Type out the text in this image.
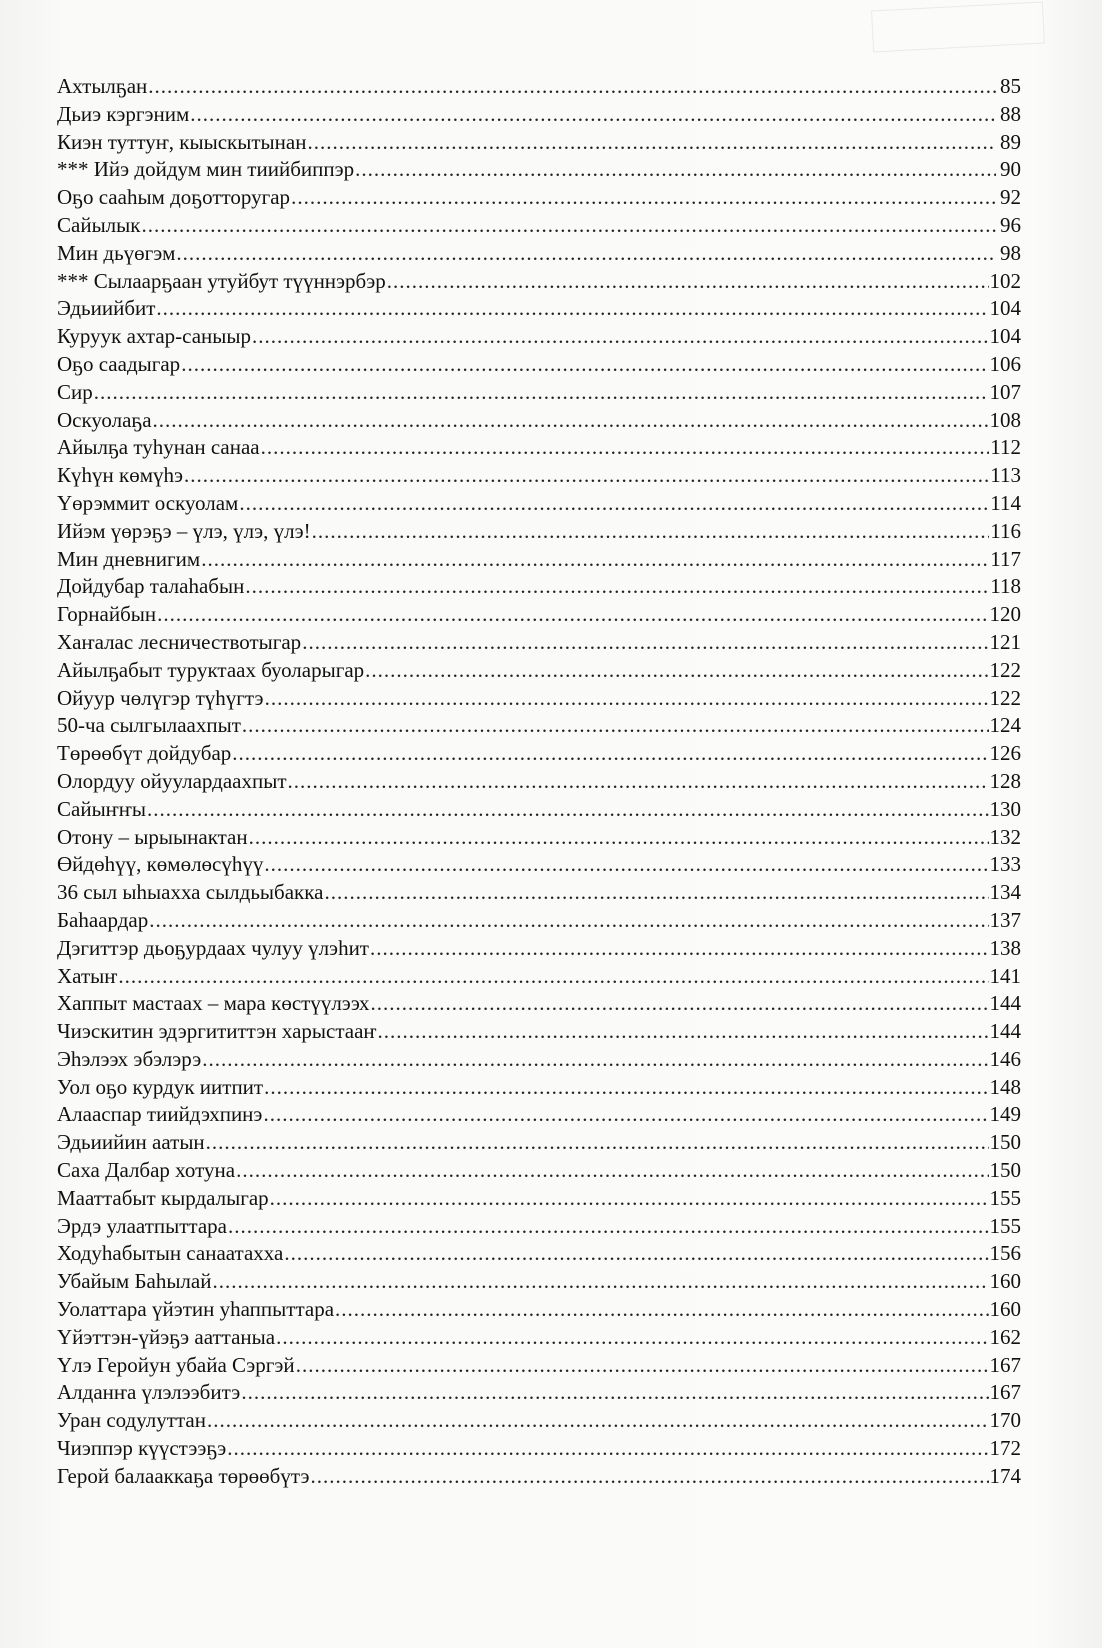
Ахтылҕан .....	85
Дьиэ кэргэним .....	88
Киэн туттуҥ, кыыскытынан .....	89
*** Ийэ дойдум мин тиийбиппэр .....	90
Оҕо сааһым доҕотторугар .....	92
Сайылык .....	96
Мин дьүөгэм .....	98
*** Сылаарҕаан утуйбут түүннэрбэр .....	102
Эдьиийбит .....	104
Куруук ахтар-саныыр .....	104
Оҕо саадыгар .....	106
Сир .....	107
Оскуолаҕа .....	108
Айылҕа туһунан санаа .....	112
Күһүн көмүһэ .....	113
Үөрэммит оскуолам .....	114
Ийэм үөрэҕэ – үлэ, үлэ, үлэ! .....	116
Мин дневнигим .....	117
Дойдубар талаһабын .....	118
Горнайбын .....	120
Хаҥалас лесничествотыгар .....	121
Айылҕабыт туруктаах буоларыгар .....	122
Ойуур чөлүгэр түһүгтэ .....	122
50-ча сылгылаахпыт .....	124
Төрөөбүт дойдубар .....	126
Олордуу ойуулардаахпыт .....	128
Сайыҥҥы .....	130
Отону – ырыынактан .....	132
Өйдөһүү, көмөлөсүһүү .....	133
36 сыл ыһыахха сылдьыбакка .....	134
Баһаардар .....	137
Дэгиттэр дьоҕурдаах чулуу үлэһит .....	138
Хатыҥ .....	141
Хаппыт мастаах – мара көстүүлээх .....	144
Чиэскитин эдэргититтэн харыстааҥ .....	144
Эһэлээх эбэлэрэ .....	146
Уол оҕо курдук иитпит .....	148
Алааспар тиийдэхпинэ .....	149
Эдьиийин аатын .....	150
Саха Далбар хотуна .....	150
Мааттабыт кырдалыгар .....	155
Эрдэ улаатпыттара .....	155
Ходуһабытын санаатахха .....	156
Убайым Баһылай .....	160
Уолаттара үйэтин уһаппыттара .....	160
Үйэттэн-үйэҕэ ааттаныа .....	162
Үлэ Геройун убайа Сэргэй .....	167
Алданҥа үлэлээбитэ .....	167
Уран содулуттан .....	170
Чиэппэр күүстээҕэ .....	172
Герой балааккаҕа төрөөбүтэ .....	174
